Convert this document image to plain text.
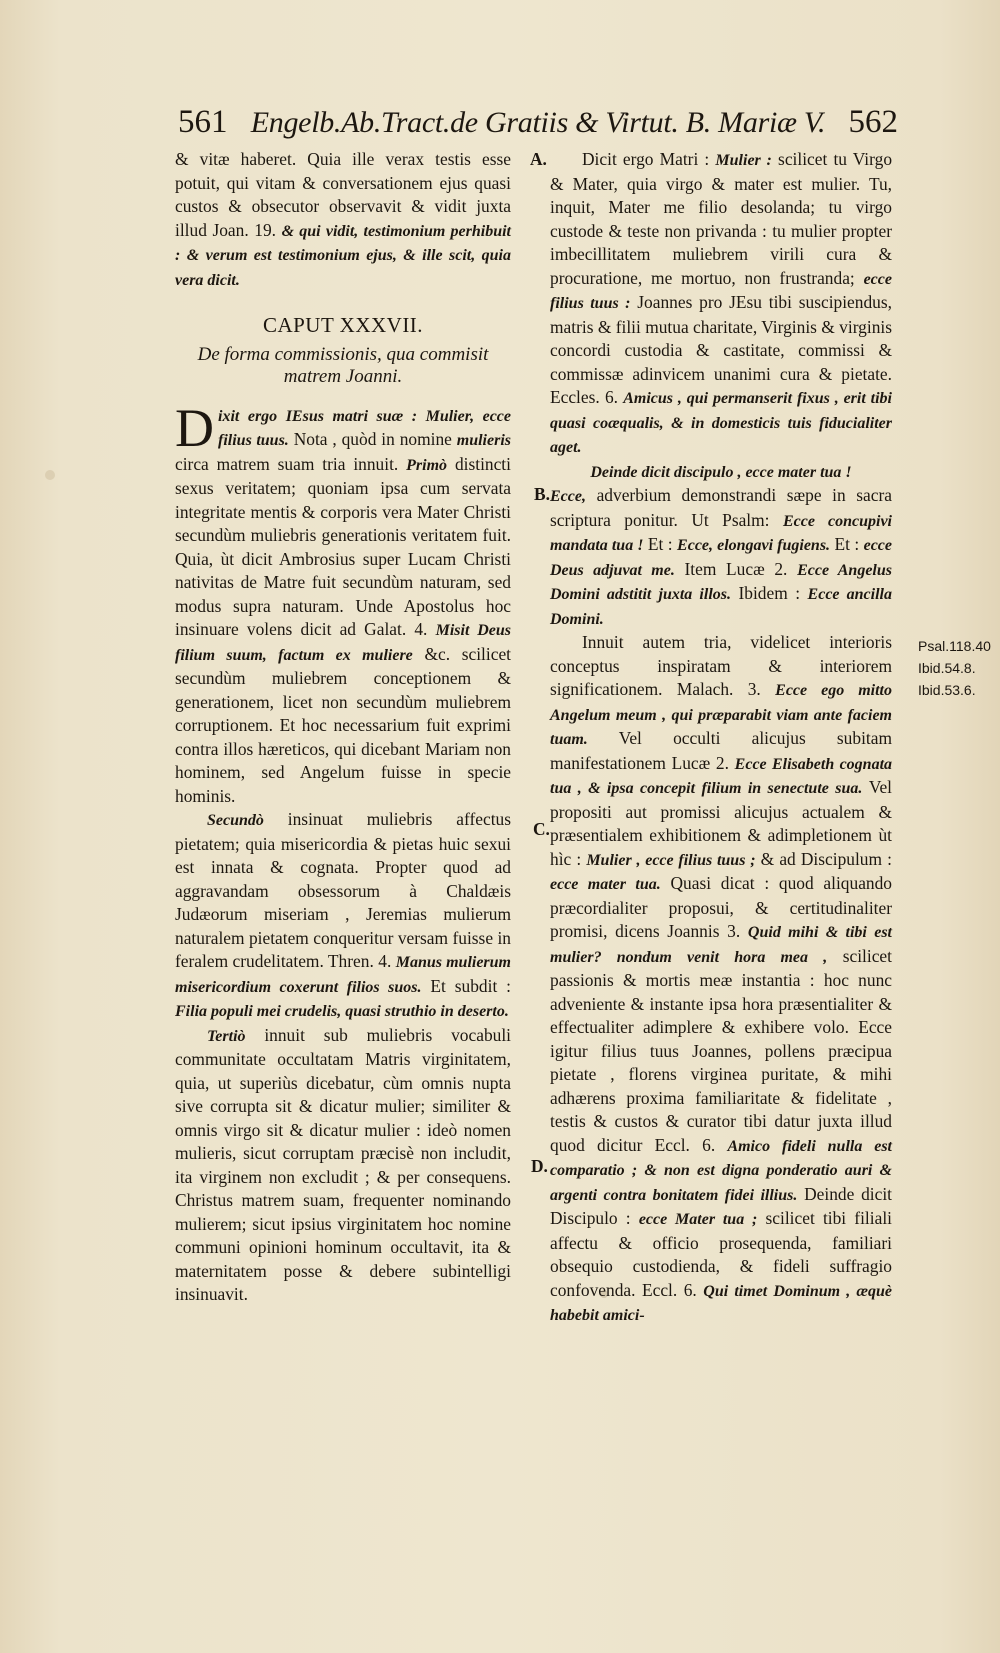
561 Engelb.Ab.Tract.de Gratiis & Virtut. B. Mariæ V. 562

& vitæ haberet. Quia ille verax testis esse potuit, qui vitam & conversationem ejus quasi custos & obsecutor observavit & vidit juxta illud Joan. 19. & qui vidit, testimonium perhibuit : & verum est testimonium ejus, & ille scit, quia vera dicit.

CAPUT XXXVII.
De forma commissionis, qua commisit matrem Joanni.

Dixit ergo IEsus matri suæ : Mulier, ecce filius tuus. Nota , quòd in nomine mulieris circa matrem suam tria innuit. Primò distincti sexus veritatem; quoniam ipsa cum servata integritate mentis & corporis vera Mater Christi secundùm muliebris generationis veritatem fuit. Quia, ùt dicit Ambrosius super Lucam Christi nativitas de Matre fuit secundùm naturam, sed modus supra naturam. Unde Apostolus hoc insinuare volens dicit ad Galat. 4. Misit Deus filium suum, factum ex muliere &c. scilicet secundùm muliebrem conceptionem & generationem, licet non secundùm muliebrem corruptionem. Et hoc necessarium fuit exprimi contra illos hæreticos, qui dicebant Mariam non hominem, sed Angelum fuisse in specie hominis.

Secundò insinuat muliebris affectus pietatem; quia misericordia & pietas huic sexui est innata & cognata. Propter quod ad aggravandam obsessorum à Chaldæis Judæorum miseriam , Jeremias mulierum naturalem pietatem conqueritur versam fuisse in feralem crudelitatem. Thren. 4. Manus mulierum misericordium coxerunt filios suos. Et subdit : Filia populi mei crudelis, quasi struthio in deserto.

Tertiò innuit sub muliebris vocabuli communitate occultatam Matris virginitatem, quia, ut superiùs dicebatur, cùm omnis nupta sive corrupta sit & dicatur mulier; similiter & omnis virgo sit & dicatur mulier : ideò nomen mulieris, sicut corruptam præcisè non includit, ita virginem non excludit ; & per consequens. Christus matrem suam, frequenter nominando mulierem; sicut ipsius virginitatem hoc nomine communi opinioni hominum occultavit, ita & maternitatem posse & debere subintelligi insinuavit.

A.
B.
C.
D.

Dicit ergo Matri : Mulier : scilicet tu Virgo & Mater, quia virgo & mater est mulier. Tu, inquit, Mater me filio desolanda; tu virgo custode & teste non privanda : tu mulier propter imbecillitatem muliebrem virili cura & procuratione, me mortuo, non frustranda; ecce filius tuus : Joannes pro JEsu tibi suscipiendus, matris & filii mutua charitate, Virginis & virginis concordi custodia & castitate, commissi & commissæ adinvicem unanimi cura & pietate. Eccles. 6. Amicus , qui permanserit fixus , erit tibi quasi coæqualis, & in domesticis tuis fiducialiter aget.

Deinde dicit discipulo , ecce mater tua !

Ecce, adverbium demonstrandi sæpe in sacra scriptura ponitur. Ut Psalm: Ecce concupivi mandata tua ! Et : Ecce, elongavi fugiens. Et : ecce Deus adjuvat me. Item Lucæ 2. Ecce Angelus Domini adstitit juxta illos. Ibidem : Ecce ancilla Domini.

Innuit autem tria, videlicet interioris conceptus inspiratam & interiorem significationem. Malach. 3. Ecce ego mitto Angelum meum , qui præparabit viam ante faciem tuam. Vel occulti alicujus subitam manifestationem Lucæ 2. Ecce Elisabeth cognata tua , & ipsa concepit filium in senectute sua. Vel propositi aut promissi alicujus actualem & præsentialem exhibitionem & adimpletionem ùt hìc : Mulier , ecce filius tuus ; & ad Discipulum : ecce mater tua. Quasi dicat : quod aliquando præcordialiter proposui, & certitudinaliter promisi, dicens Joannis 3. Quid mihi & tibi est mulier? nondum venit hora mea , scilicet passionis & mortis meæ instantia : hoc nunc adveniente & instante ipsa hora præsentialiter & effectualiter adimplere & exhibere volo. Ecce igitur filius tuus Joannes, pollens præcipua pietate , florens virginea puritate, & mihi adhærens proxima familiaritate & fidelitate , testis & custos & curator tibi datur juxta illud quod dicitur Eccl. 6. Amico fideli nulla est comparatio ; & non est digna ponderatio auri & argenti contra bonitatem fidei illius. Deinde dicit Discipulo : ecce Mater tua ; scilicet tibi filiali affectu & officio prosequenda, familiari obsequio custodienda, & fideli suffragio confovenda. Eccl. 6. Qui timet Dominum , æquè habebit amici-

Psal.118.40
Ibid.54.8.
Ibid.53.6.
